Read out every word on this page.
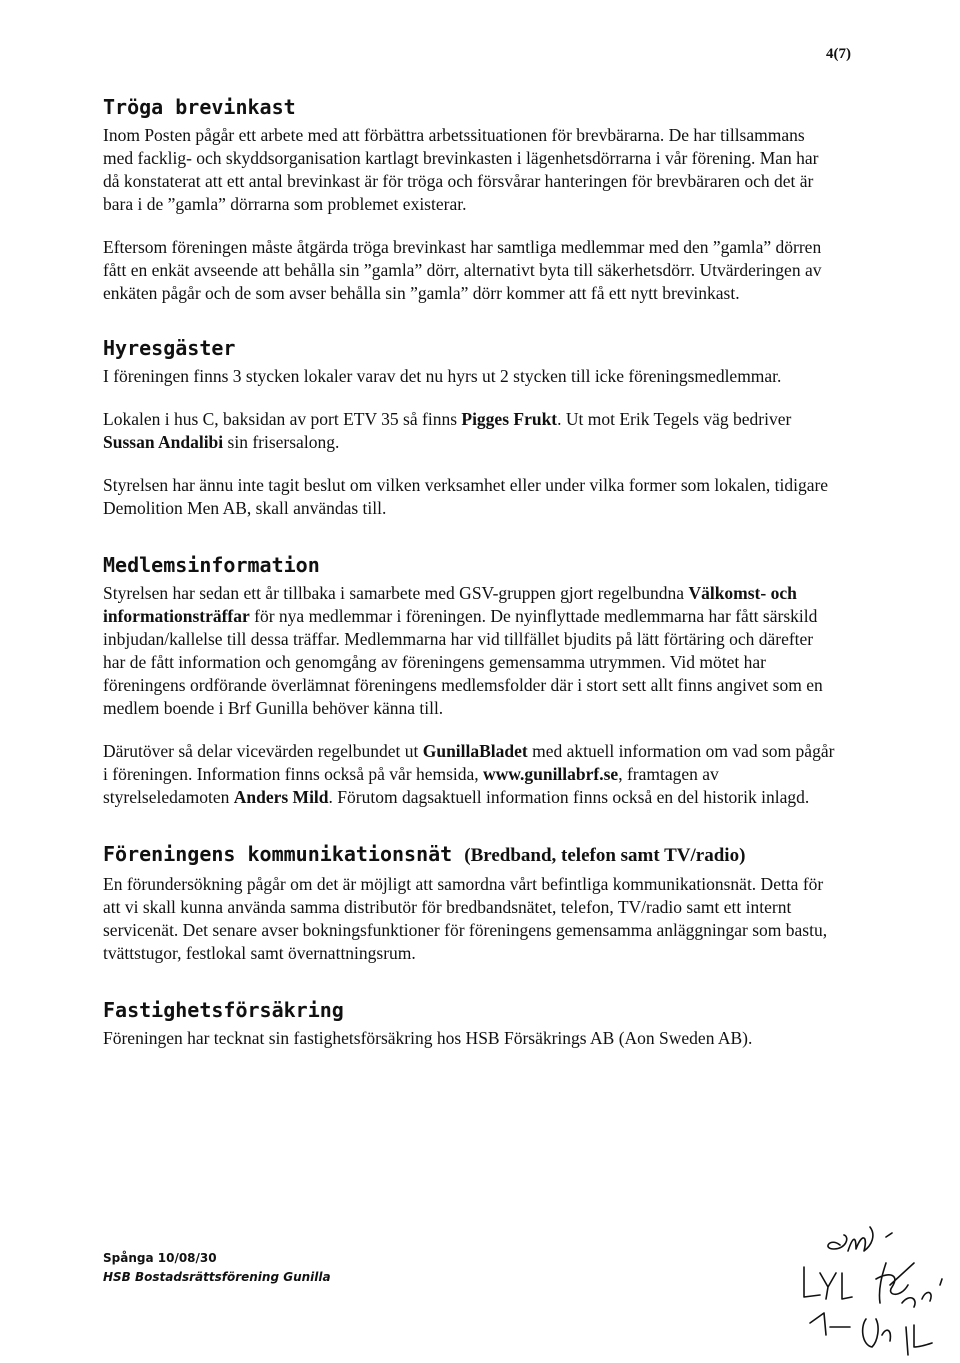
4(7)
Tröga brevinkast

Inom Posten pågår ett arbete med att förbättra arbetssituationen för brevbärarna. De har tillsammans med facklig- och skyddsorganisation kartlagt brevinkasten i lägenhetsdörrarna i vår förening. Man har då konstaterat att ett antal brevinkast är för tröga och försvårar hanteringen för brevbäraren och det är bara i de ”gamla” dörrarna som problemet existerar.

Eftersom föreningen måste åtgärda tröga brevinkast har samtliga medlemmar med den ”gamla” dörren fått en enkät avseende att behålla sin ”gamla” dörr, alternativt byta till säkerhetsdörr. Utvärderingen av enkäten pågår och de som avser behålla sin ”gamla” dörr kommer att få ett nytt brevinkast.

Hyresgäster

I föreningen finns 3 stycken lokaler varav det nu hyrs ut 2 stycken till icke föreningsmedlemmar.

Lokalen i hus C, baksidan av port ETV 35 så finns Pigges Frukt. Ut mot Erik Tegels väg bedriver Sussan Andalibi sin frisersalong.

Styrelsen har ännu inte tagit beslut om vilken verksamhet eller under vilka former som lokalen, tidigare Demolition Men AB, skall användas till.

Medlemsinformation

Styrelsen har sedan ett år tillbaka i samarbete med GSV-gruppen gjort regelbundna Välkomst- och informationsträffar för nya medlemmar i föreningen. De nyinflyttade medlemmarna har fått särskild inbjudan/kallelse till dessa träffar. Medlemmarna har vid tillfället bjudits på lätt förtäring och därefter har de fått information och genomgång av föreningens gemensamma utrymmen. Vid mötet har föreningens ordförande överlämnat föreningens medlemsfolder där i stort sett allt finns angivet som en medlem boende i Brf Gunilla behöver känna till.

Därutöver så delar vicevärden regelbundet ut GunillaBladet med aktuell information om vad som pågår i föreningen. Information finns också på vår hemsida, www.gunillabrf.se, framtagen av styrelseledamoten Anders Mild. Förutom dagsaktuell information finns också en del historik inlagd.

Föreningens kommunikationsnät (Bredband, telefon samt TV/radio)

En förundersökning pågår om det är möjligt att samordna vårt befintliga kommunikationsnät. Detta för att vi skall kunna använda samma distributör för bredbandsnätet, telefon, TV/radio samt ett internt servicenät. Det senare avser bokningsfunktioner för föreningens gemensamma anläggningar som bastu, tvättstugor, festlokal samt övernattningsrum.

Fastighetsförsäkring

Föreningen har tecknat sin fastighetsförsäkring hos HSB Försäkrings AB (Aon Sweden AB).

Spånga 10/08/30
HSB Bostadsrättsförening Gunilla
